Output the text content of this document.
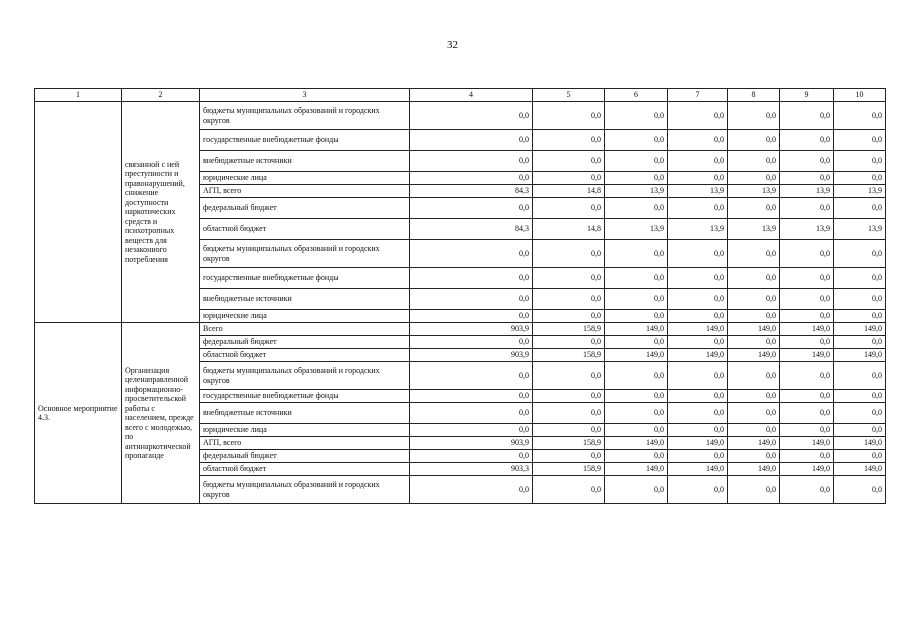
32
1	2	3	4	5	6	7	8	9	10
	связанной с ней преступности и правонарушений, снижение доступности наркотических средств и психотропных веществ для незаконного потребления	бюджеты муниципальных образований и городских округов	0,0	0,0	0,0	0,0	0,0	0,0	0,0
		государственные внебюджетные фонды	0,0	0,0	0,0	0,0	0,0	0,0	0,0
		внебюджетные источники	0,0	0,0	0,0	0,0	0,0	0,0	0,0
		юридические лица	0,0	0,0	0,0	0,0	0,0	0,0	0,0
		АГП, всего	84,3	14,8	13,9	13,9	13,9	13,9	13,9
		федеральный бюджет	0,0	0,0	0,0	0,0	0,0	0,0	0,0
		областной бюджет	84,3	14,8	13,9	13,9	13,9	13,9	13,9
		бюджеты муниципальных образований и городских округов	0,0	0,0	0,0	0,0	0,0	0,0	0,0
		государственные внебюджетные фонды	0,0	0,0	0,0	0,0	0,0	0,0	0,0
		внебюджетные источники	0,0	0,0	0,0	0,0	0,0	0,0	0,0
		юридические лица	0,0	0,0	0,0	0,0	0,0	0,0	0,0
Основное мероприятие 4.3.	Организация целенаправленной информационно-просветительской работы с населением, прежде всего с молодежью, по антинаркотической пропаганде	Всего	903,9	158,9	149,0	149,0	149,0	149,0	149,0
		федеральный бюджет	0,0	0,0	0,0	0,0	0,0	0,0	0,0
		областной бюджет	903,9	158,9	149,0	149,0	149,0	149,0	149,0
		бюджеты муниципальных образований и городских округов	0,0	0,0	0,0	0,0	0,0	0,0	0,0
		государственные внебюджетные фонды	0,0	0,0	0,0	0,0	0,0	0,0	0,0
		внебюджетные источники	0,0	0,0	0,0	0,0	0,0	0,0	0,0
		юридические лица	0,0	0,0	0,0	0,0	0,0	0,0	0,0
		АГП, всего	903,9	158,9	149,0	149,0	149,0	149,0	149,0
		федеральный бюджет	0,0	0,0	0,0	0,0	0,0	0,0	0,0
		областной бюджет	903,3	158,9	149,0	149,0	149,0	149,0	149,0
		бюджеты муниципальных образований и городских округов	0,0	0,0	0,0	0,0	0,0	0,0	0,0
